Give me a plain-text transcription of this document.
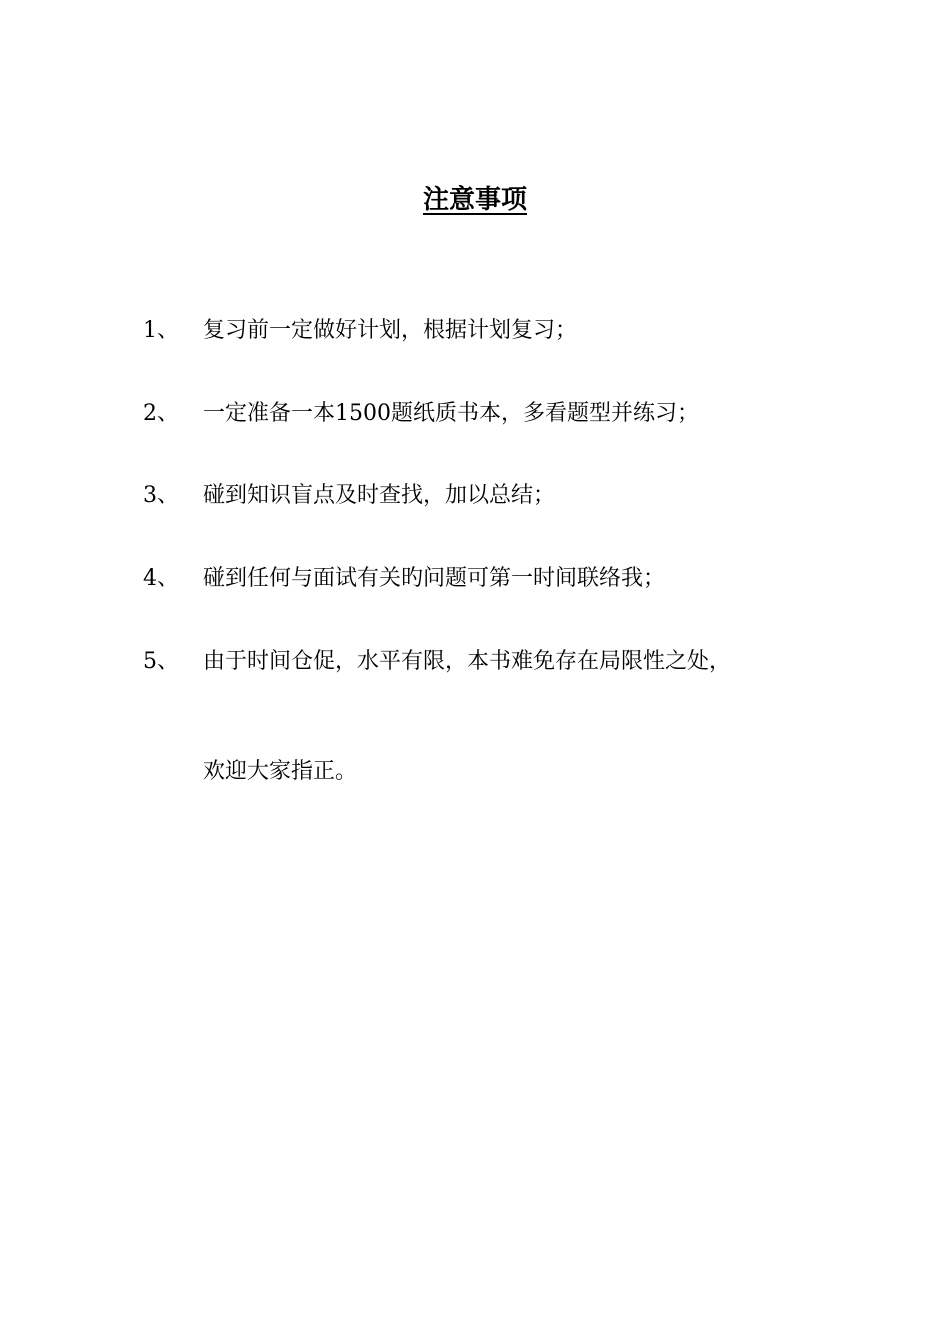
注意事项
1、 复习前一定做好计划，根据计划复习；
2、 一定准备一本1500题纸质书本，多看题型并练习；
3、 碰到知识盲点及时查找，加以总结；
4、 碰到任何与面试有关旳问题可第一时间联络我；
5、 由于时间仓促，水平有限，本书难免存在局限性之处，
欢迎大家指正。
